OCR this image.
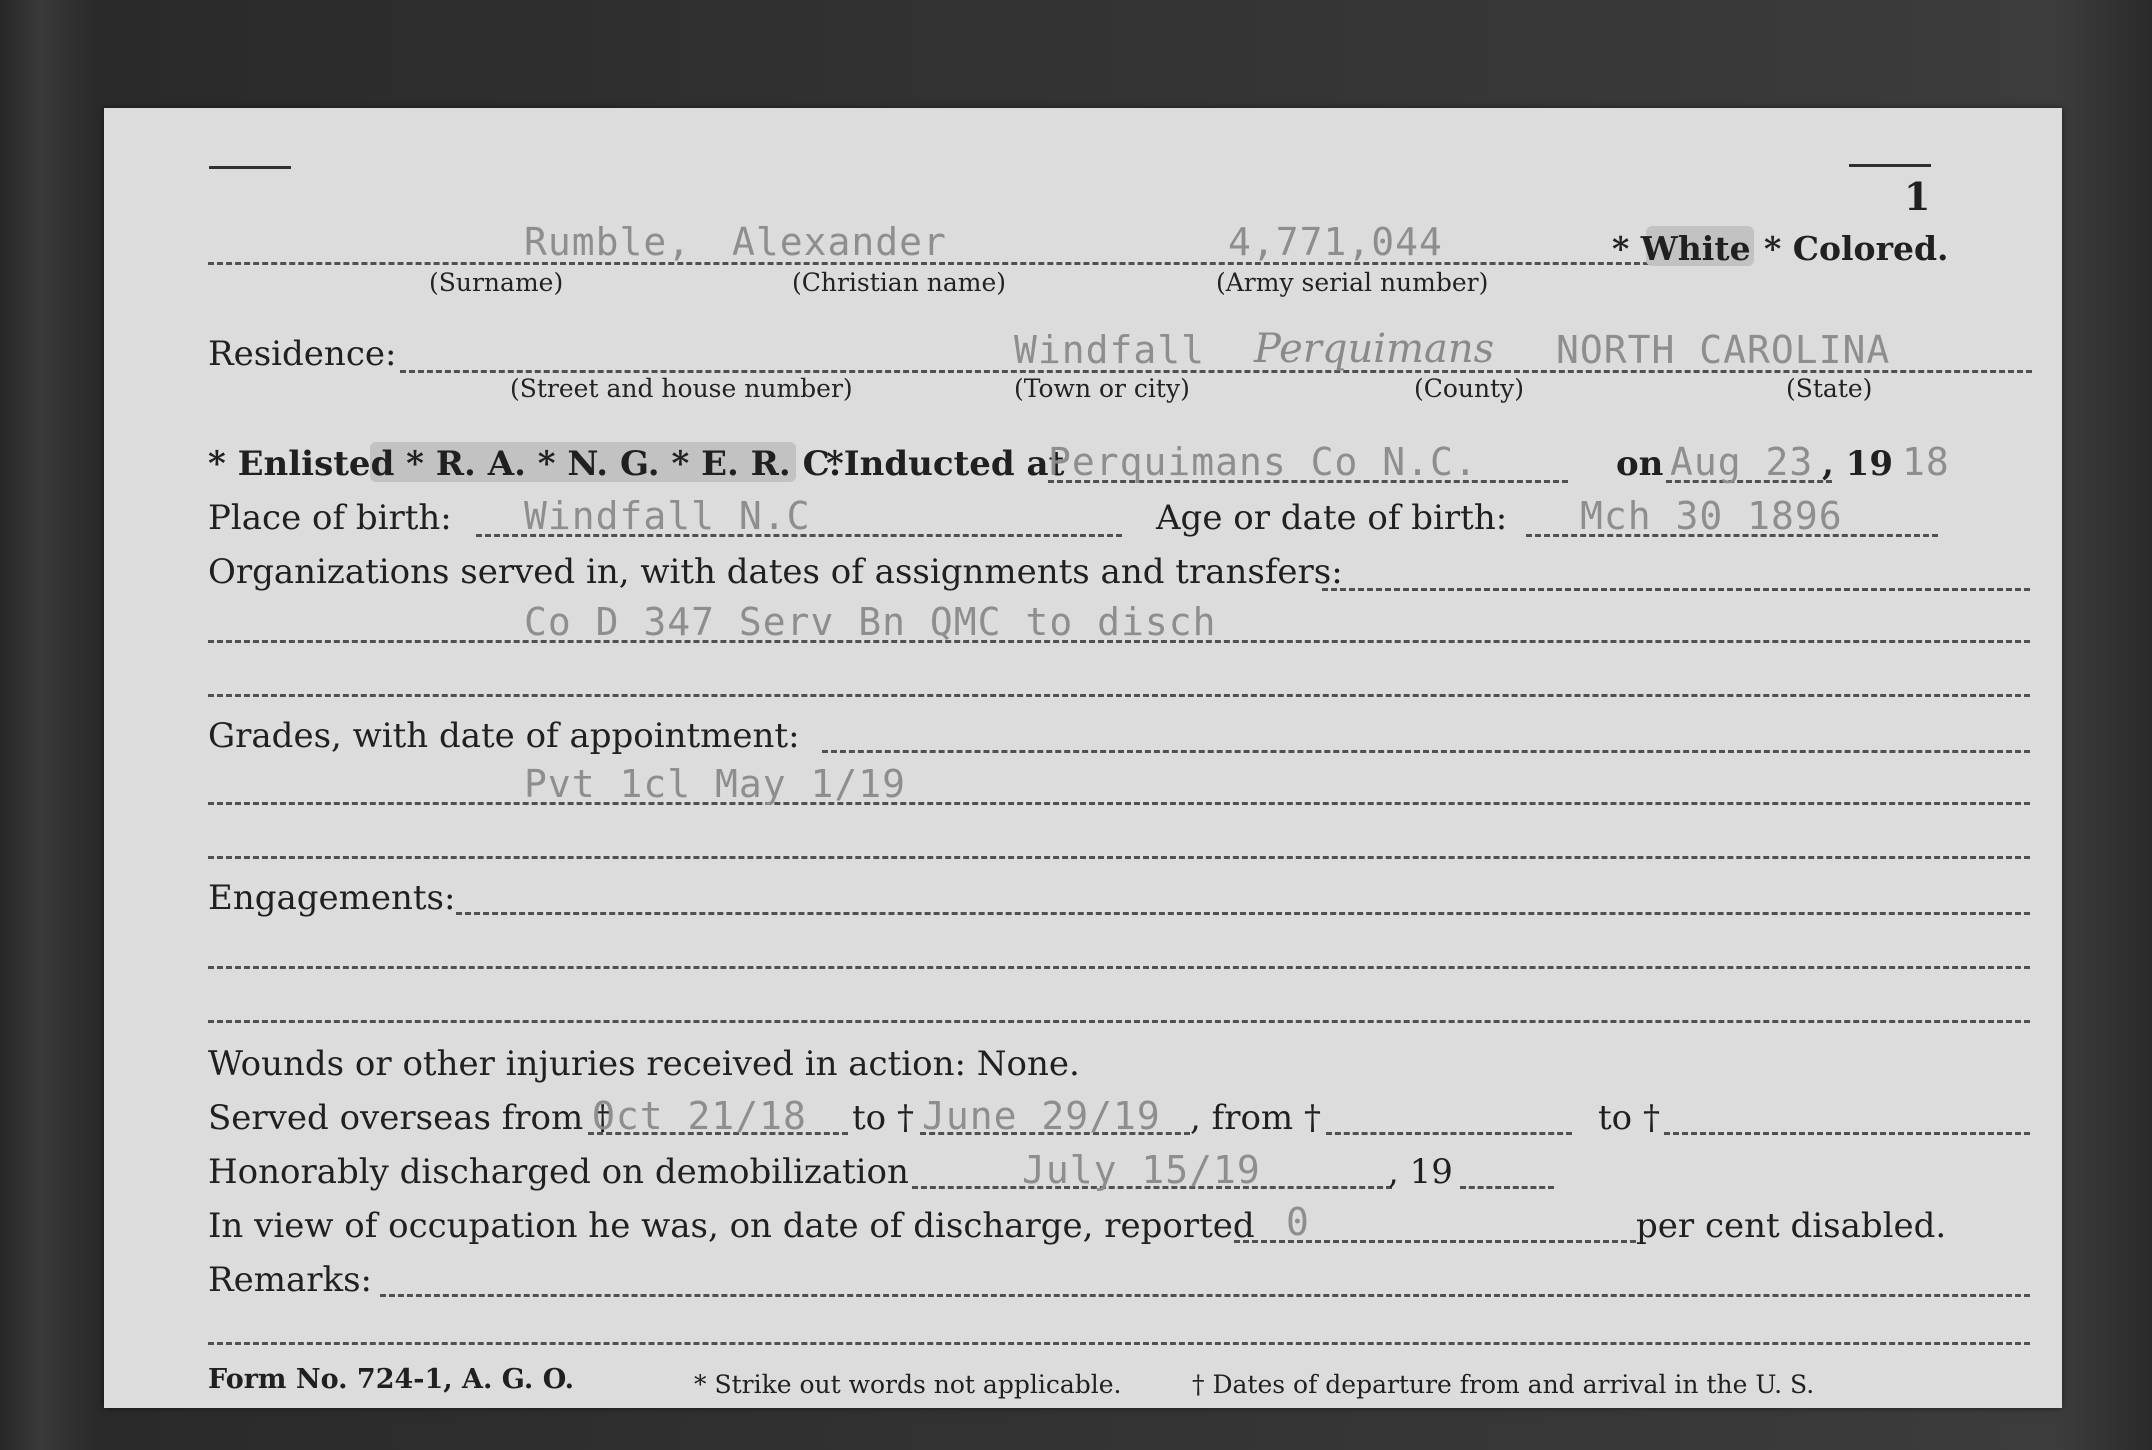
1
Rumble, Alexander	4,771,044	* White * Colored.
(Surname)	(Christian name)	(Army serial number)
Residence:	Windfall Perquimans NORTH CAROLINA
(Street and house number)	(Town or city)	(County)	(State)
* Enlisted * R. A. * N. G. * E. R. C.
*Inducted at
Perquimans Co N.C.	on Aug 23 , 19 18
Place of birth: Windfall N.C	Age or date of birth: Mch 30 1896
Organizations served in, with dates of assignments and transfers:
Co D 347 Serv Bn QMC to disch
Grades, with date of appointment:
Pvt 1cl May 1/19
Engagements:
Wounds or other injuries received in action: None.
Served overseas from †
Oct 21/18 to † June 29/19 , from †	to †
Honorably discharged on demobilization	July 15/19	, 19
In view of occupation he was, on date of discharge, reported 0	per cent disabled.
Remarks:
Form No. 724-1, A. G. O.	* Strike out words not applicable.	† Dates of departure from and arrival in the U. S.
